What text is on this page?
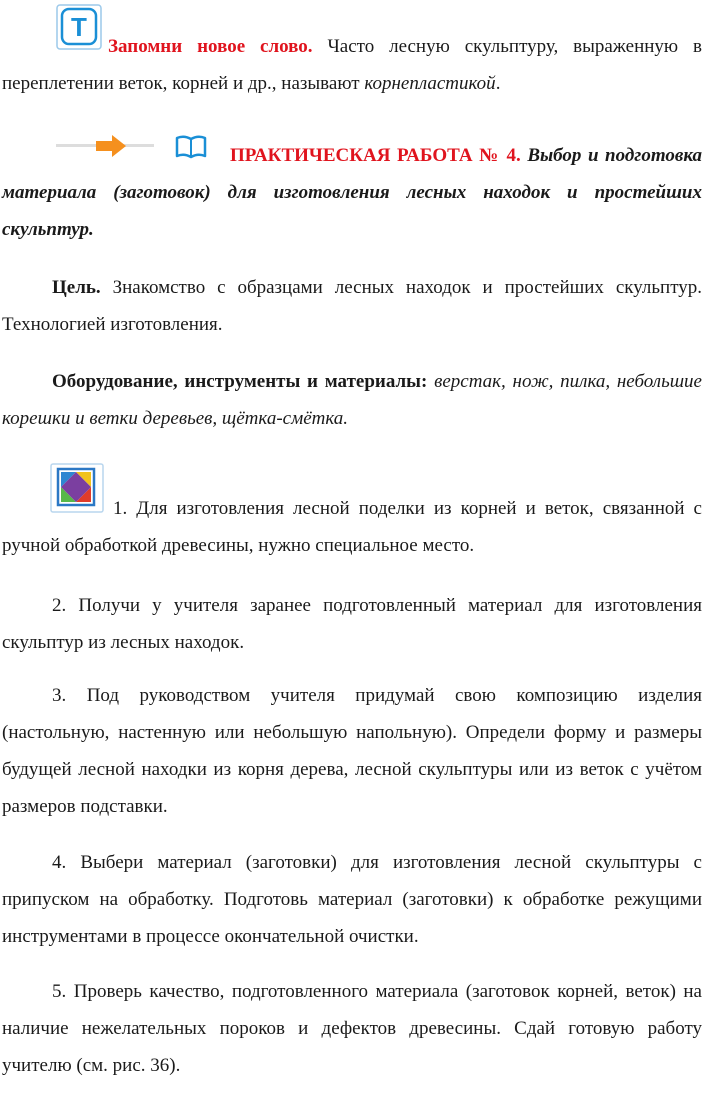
T

Запомни новое слово. Часто лесную скульптуру, выраженную в переплетении веток, корней и др., называют корнепластикой.

ПРАКТИЧЕСКАЯ РАБОТА № 4. Выбор и подготовка материала (заготовок) для изготовления лесных находок и простейших скульптур.

Цель. Знакомство с образцами лесных находок и простейших скульптур. Технологией изготовления.

Оборудование, инструменты и материалы: верстак, нож, пилка, небольшие корешки и ветки деревьев, щётка-смётка.

1. Для изготовления лесной поделки из корней и веток, связанной с ручной обработкой древесины, нужно специальное место.

2. Получи у учителя заранее подготовленный материал для изготовления скульптур из лесных находок.

3. Под руководством учителя придумай свою композицию изделия (настольную, настенную или небольшую напольную). Определи форму и размеры будущей лесной находки из корня дерева, лесной скульптуры или из веток с учётом размеров подставки.

4. Выбери материал (заготовки) для изготовления лесной скульптуры с припуском на обработку. Подготовь материал (заготовки) к обработке режущими инструментами в процессе окончательной очистки.

5. Проверь качество, подготовленного материала (заготовок корней, веток) на наличие нежелательных пороков и дефектов древесины. Сдай готовую работу учителю (см. рис. 36).
